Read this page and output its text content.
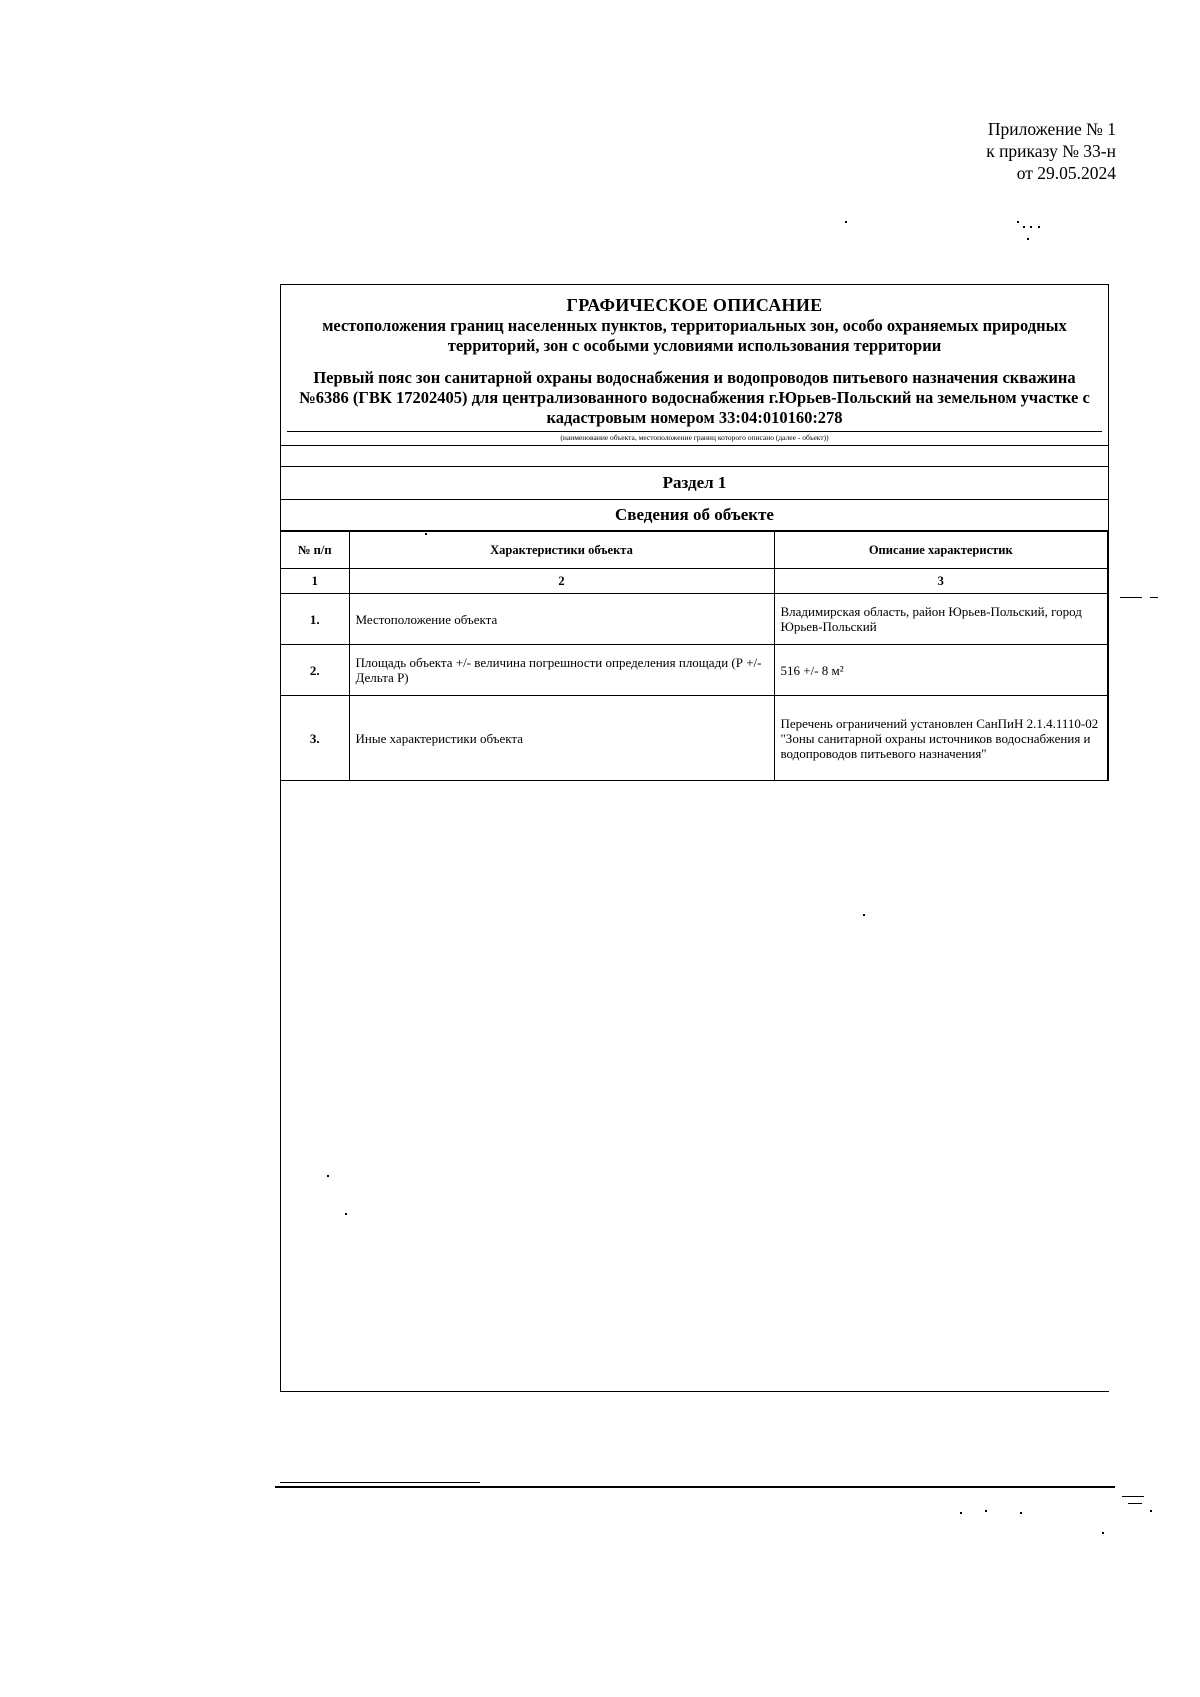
Приложение № 1
к приказу № 33-н
от 29.05.2024
ГРАФИЧЕСКОЕ ОПИСАНИЕ
местоположения границ населенных пунктов, территориальных зон, особо охраняемых природных территорий, зон с особыми условиями использования территории
Первый пояс зон санитарной охраны водоснабжения и водопроводов питьевого назначения скважина №6386 (ГВК 17202405) для централизованного водоснабжения г.Юрьев-Польский на земельном участке с кадастровым номером 33:04:010160:278
(наименование объекта, местоположение границ которого описано (далее - объект))
Раздел 1
Сведения об объекте
№ п/п	Характеристики объекта	Описание характеристик
1	2	3
1.	Местоположение объекта	Владимирская область, район Юрьев-Польский, город Юрьев-Польский
2.	Площадь объекта +/- величина погрешности определения площади (Р +/- Дельта Р)	516 +/- 8 м²
3.	Иные характеристики объекта	Перечень ограничений установлен СанПиН 2.1.4.1110-02 "Зоны санитарной охраны источников водоснабжения и водопроводов питьевого назначения"
